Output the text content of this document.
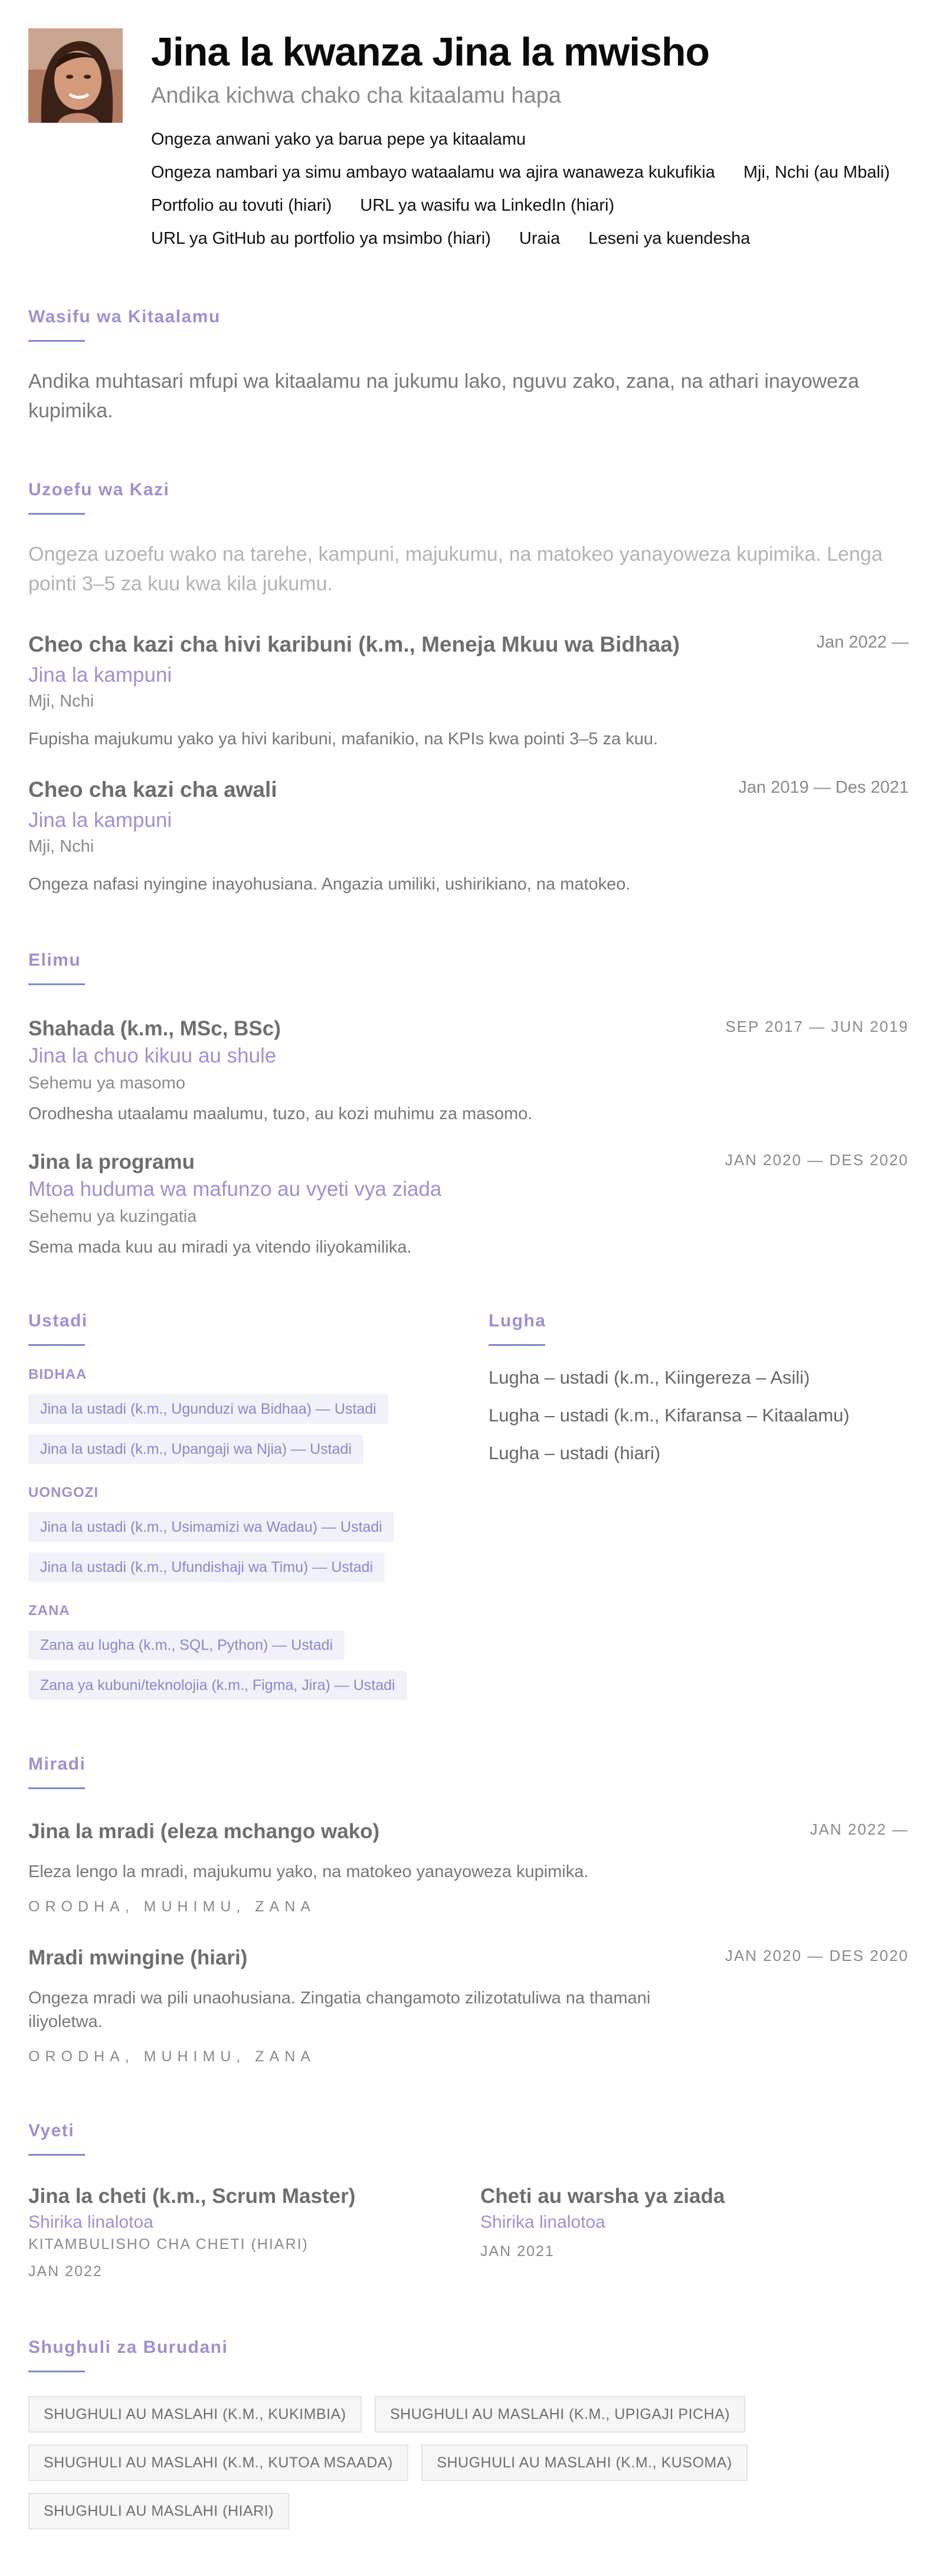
Jina la kwanza Jina la mwisho
Andika kichwa chako cha kitaalamu hapa
Ongeza anwani yako ya barua pepe ya kitaalamu
Ongeza nambari ya simu ambayo wataalamu wa ajira wanaweza kukufikia Mji, Nchi (au Mbali)
Portfolio au tovuti (hiari) URL ya wasifu wa LinkedIn (hiari)
URL ya GitHub au portfolio ya msimbo (hiari) Uraia Leseni ya kuendesha
Wasifu wa Kitaalamu
Andika muhtasari mfupi wa kitaalamu na jukumu lako, nguvu zako, zana, na athari inayoweza kupimika.
Uzoefu wa Kazi
Ongeza uzoefu wako na tarehe, kampuni, majukumu, na matokeo yanayoweza kupimika. Lenga pointi 3–5 za kuu kwa kila jukumu.
Cheo cha kazi cha hivi karibuni (k.m., Meneja Mkuu wa Bidhaa)	Jan 2022 —
Jina la kampuni
Mji, Nchi
Fupisha majukumu yako ya hivi karibuni, mafanikio, na KPIs kwa pointi 3–5 za kuu.
Cheo cha kazi cha awali	Jan 2019 — Des 2021
Jina la kampuni
Mji, Nchi
Ongeza nafasi nyingine inayohusiana. Angazia umiliki, ushirikiano, na matokeo.
Elimu
Shahada (k.m., MSc, BSc)	SEP 2017 — JUN 2019
Jina la chuo kikuu au shule
Sehemu ya masomo
Orodhesha utaalamu maalumu, tuzo, au kozi muhimu za masomo.
Jina la programu	JAN 2020 — DES 2020
Mtoa huduma wa mafunzo au vyeti vya ziada
Sehemu ya kuzingatia
Sema mada kuu au miradi ya vitendo iliyokamilika.
Ustadi
BIDHAA
Jina la ustadi (k.m., Ugunduzi wa Bidhaa) — Ustadi
Jina la ustadi (k.m., Upangaji wa Njia) — Ustadi
UONGOZI
Jina la ustadi (k.m., Usimamizi wa Wadau) — Ustadi
Jina la ustadi (k.m., Ufundishaji wa Timu) — Ustadi
ZANA
Zana au lugha (k.m., SQL, Python) — Ustadi
Zana ya kubuni/teknolojia (k.m., Figma, Jira) — Ustadi
Lugha
Lugha – ustadi (k.m., Kiingereza – Asili)
Lugha – ustadi (k.m., Kifaransa – Kitaalamu)
Lugha – ustadi (hiari)
Miradi
Jina la mradi (eleza mchango wako)	JAN 2022 —
Eleza lengo la mradi, majukumu yako, na matokeo yanayoweza kupimika.
ORODHA, MUHIMU, ZANA
Mradi mwingine (hiari)	JAN 2020 — DES 2020
Ongeza mradi wa pili unaohusiana. Zingatia changamoto zilizotatuliwa na thamani iliyoletwa.
ORODHA, MUHIMU, ZANA
Vyeti
Jina la cheti (k.m., Scrum Master)
Shirika linalotoa
KITAMBULISHO CHA CHETI (HIARI)
JAN 2022
Cheti au warsha ya ziada
Shirika linalotoa
JAN 2021
Shughuli za Burudani
SHUGHULI AU MASLAHI (K.M., KUKIMBIA)	SHUGHULI AU MASLAHI (K.M., UPIGAJI PICHA)
SHUGHULI AU MASLAHI (K.M., KUTOA MSAADA)	SHUGHULI AU MASLAHI (K.M., KUSOMA)
SHUGHULI AU MASLAHI (HIARI)
